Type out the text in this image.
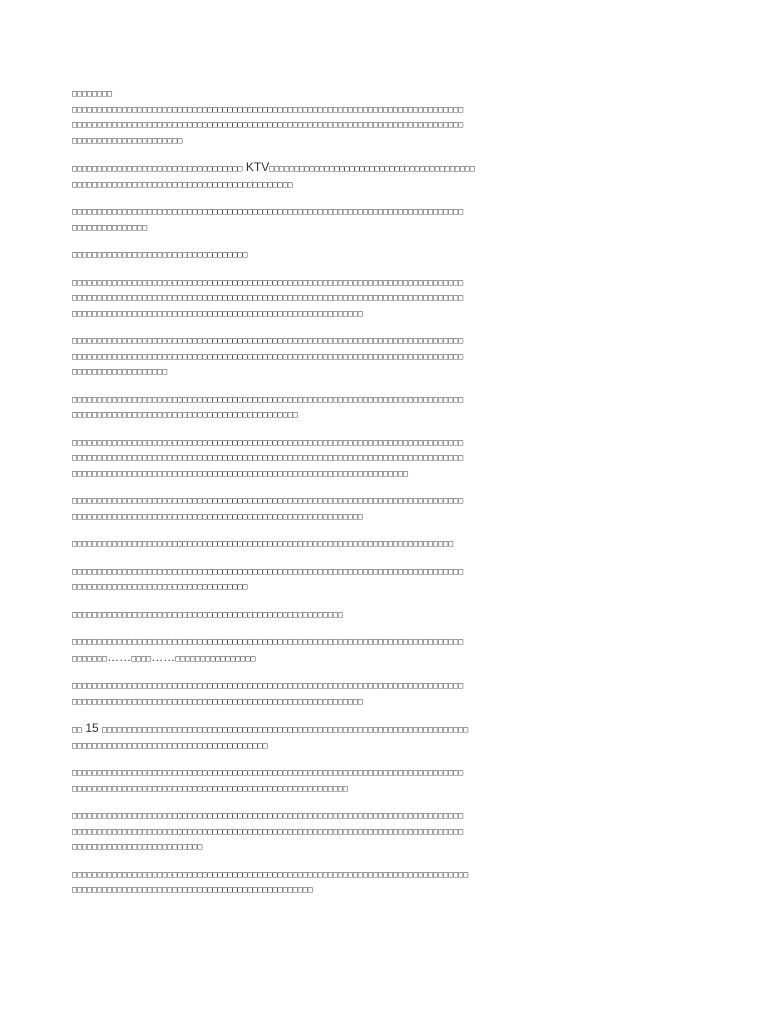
□□□□□□□□
□□□□□□□□□□□□□□□□□□□□□□□□□□□□□□□□□□□□□□□□□□□□□□□□□□□□□□□□□□□□□□□□□□□□□□□□□□□□□□
□□□□□□□□□□□□□□□□□□□□□□□□□□□□□□□□□□□□□□□□□□□□□□□□□□□□□□□□□□□□□□□□□□□□□□□□□□□□□□
□□□□□□□□□□□□□□□□□□□□□□
□□□□□□□□□□□□□□□□□□□□□□□□□□□□□□□□□□ KTV□□□□□□□□□□□□□□□□□□□□□□□□□□□□□□□□□□□□□□□□□
□□□□□□□□□□□□□□□□□□□□□□□□□□□□□□□□□□□□□□□□□□□□
□□□□□□□□□□□□□□□□□□□□□□□□□□□□□□□□□□□□□□□□□□□□□□□□□□□□□□□□□□□□□□□□□□□□□□□□□□□□□□
□□□□□□□□□□□□□□□
□□□□□□□□□□□□□□□□□□□□□□□□□□□□□□□□□□□
□□□□□□□□□□□□□□□□□□□□□□□□□□□□□□□□□□□□□□□□□□□□□□□□□□□□□□□□□□□□□□□□□□□□□□□□□□□□□□
□□□□□□□□□□□□□□□□□□□□□□□□□□□□□□□□□□□□□□□□□□□□□□□□□□□□□□□□□□□□□□□□□□□□□□□□□□□□□□
□□□□□□□□□□□□□□□□□□□□□□□□□□□□□□□□□□□□□□□□□□□□□□□□□□□□□□□□□□
□□□□□□□□□□□□□□□□□□□□□□□□□□□□□□□□□□□□□□□□□□□□□□□□□□□□□□□□□□□□□□□□□□□□□□□□□□□□□□
□□□□□□□□□□□□□□□□□□□□□□□□□□□□□□□□□□□□□□□□□□□□□□□□□□□□□□□□□□□□□□□□□□□□□□□□□□□□□□
□□□□□□□□□□□□□□□□□□□
□□□□□□□□□□□□□□□□□□□□□□□□□□□□□□□□□□□□□□□□□□□□□□□□□□□□□□□□□□□□□□□□□□□□□□□□□□□□□□
□□□□□□□□□□□□□□□□□□□□□□□□□□□□□□□□□□□□□□□□□□□□□
□□□□□□□□□□□□□□□□□□□□□□□□□□□□□□□□□□□□□□□□□□□□□□□□□□□□□□□□□□□□□□□□□□□□□□□□□□□□□□
□□□□□□□□□□□□□□□□□□□□□□□□□□□□□□□□□□□□□□□□□□□□□□□□□□□□□□□□□□□□□□□□□□□□□□□□□□□□□□
□□□□□□□□□□□□□□□□□□□□□□□□□□□□□□□□□□□□□□□□□□□□□□□□□□□□□□□□□□□□□□□□□□□
□□□□□□□□□□□□□□□□□□□□□□□□□□□□□□□□□□□□□□□□□□□□□□□□□□□□□□□□□□□□□□□□□□□□□□□□□□□□□□
□□□□□□□□□□□□□□□□□□□□□□□□□□□□□□□□□□□□□□□□□□□□□□□□□□□□□□□□□□
□□□□□□□□□□□□□□□□□□□□□□□□□□□□□□□□□□□□□□□□□□□□□□□□□□□□□□□□□□□□□□□□□□□□□□□□□□□□
□□□□□□□□□□□□□□□□□□□□□□□□□□□□□□□□□□□□□□□□□□□□□□□□□□□□□□□□□□□□□□□□□□□□□□□□□□□□□□
□□□□□□□□□□□□□□□□□□□□□□□□□□□□□□□□□□□
□□□□□□□□□□□□□□□□□□□□□□□□□□□□□□□□□□□□□□□□□□□□□□□□□□□□□□
□□□□□□□□□□□□□□□□□□□□□□□□□□□□□□□□□□□□□□□□□□□□□□□□□□□□□□□□□□□□□□□□□□□□□□□□□□□□□□
□□□□□□□……□□□□……□□□□□□□□□□□□□□□□
□□□□□□□□□□□□□□□□□□□□□□□□□□□□□□□□□□□□□□□□□□□□□□□□□□□□□□□□□□□□□□□□□□□□□□□□□□□□□□
□□□□□□□□□□□□□□□□□□□□□□□□□□□□□□□□□□□□□□□□□□□□□□□□□□□□□□□□□□
□□ 15 □□□□□□□□□□□□□□□□□□□□□□□□□□□□□□□□□□□□□□□□□□□□□□□□□□□□□□□□□□□□□□□□□□□□□□□□□
□□□□□□□□□□□□□□□□□□□□□□□□□□□□□□□□□□□□□□□
□□□□□□□□□□□□□□□□□□□□□□□□□□□□□□□□□□□□□□□□□□□□□□□□□□□□□□□□□□□□□□□□□□□□□□□□□□□□□□
□□□□□□□□□□□□□□□□□□□□□□□□□□□□□□□□□□□□□□□□□□□□□□□□□□□□□□□
□□□□□□□□□□□□□□□□□□□□□□□□□□□□□□□□□□□□□□□□□□□□□□□□□□□□□□□□□□□□□□□□□□□□□□□□□□□□□□
□□□□□□□□□□□□□□□□□□□□□□□□□□□□□□□□□□□□□□□□□□□□□□□□□□□□□□□□□□□□□□□□□□□□□□□□□□□□□□
□□□□□□□□□□□□□□□□□□□□□□□□□□
□□□□□□□□□□□□□□□□□□□□□□□□□□□□□□□□□□□□□□□□□□□□□□□□□□□□□□□□□□□□□□□□□□□□□□□□□□□□□□□
□□□□□□□□□□□□□□□□□□□□□□□□□□□□□□□□□□□□□□□□□□□□□□□□
